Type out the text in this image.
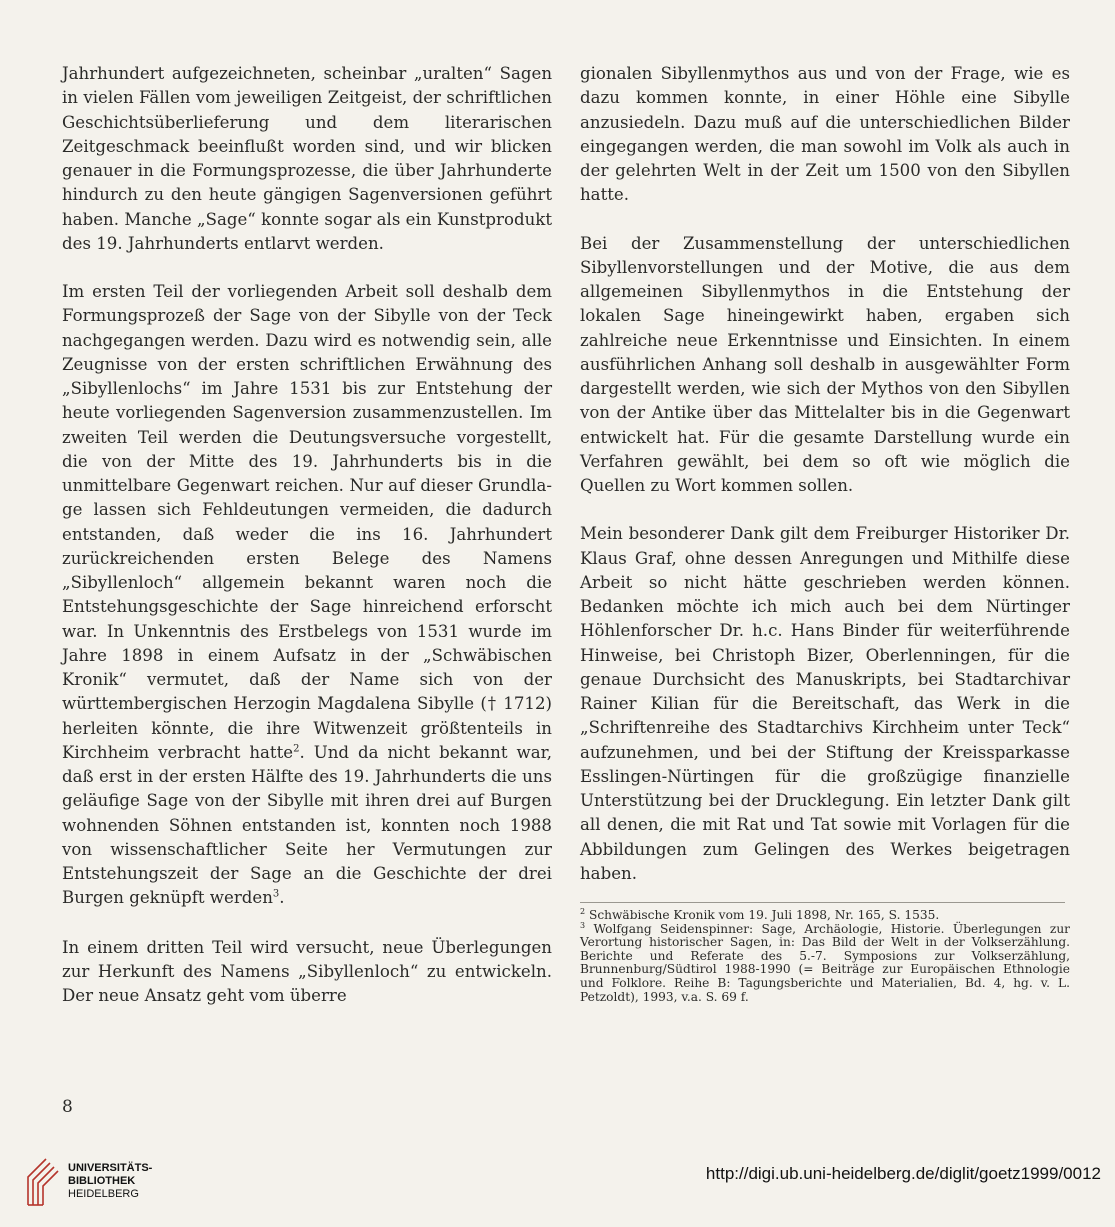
Jahrhundert aufgezeichneten, scheinbar „uralten“ Sagen in vielen Fällen vom jeweiligen Zeitgeist, der schriftlichen Geschichtsüberlieferung und dem literarischen Zeitgeschmack beeinflußt worden sind, und wir blicken genauer in die Formungsprozesse, die über Jahrhunderte hindurch zu den heute gängigen Sagenversionen geführt haben. Manche „Sage“ konnte sogar als ein Kunstprodukt des 19. Jahrhunderts entlarvt werden.

Im ersten Teil der vorliegenden Arbeit soll deshalb dem Formungsprozeß der Sage von der Sibylle von der Teck nachgegangen werden. Dazu wird es notwendig sein, alle Zeugnisse von der ersten schriftlichen Erwähnung des „Sibyllenlochs“ im Jahre 1531 bis zur Entstehung der heute vorliegenden Sagenversion zusammenzustellen. Im zweiten Teil werden die Deutungsversuche vorgestellt, die von der Mitte des 19. Jahrhunderts bis in die unmittelbare Gegenwart reichen. Nur auf dieser Grundlage lassen sich Fehldeutungen vermeiden, die dadurch entstanden, daß weder die ins 16. Jahrhundert zurückreichenden ersten Belege des Namens „Sibyllenloch“ allgemein bekannt waren noch die Entstehungsgeschichte der Sage hinreichend erforscht war. In Unkenntnis des Erstbelegs von 1531 wurde im Jahre 1898 in einem Aufsatz in der „Schwäbischen Kronik“ vermutet, daß der Name sich von der württembergischen Herzogin Magdalena Sibylle († 1712) herleiten könnte, die ihre Witwenzeit größtenteils in Kirchheim verbracht hatte$^2$. Und da nicht bekannt war, daß erst in der ersten Hälfte des 19. Jahrhunderts die uns geläufige Sage von der Sibylle mit ihren drei auf Burgen wohnenden Söhnen entstanden ist, konnten noch 1988 von wissenschaftlicher Seite her Vermutungen zur Entstehungszeit der Sage an die Geschichte der drei Burgen geknüpft werden$^3$.

In einem dritten Teil wird versucht, neue Überlegungen zur Herkunft des Namens „Sibyllenloch“ zu entwickeln. Der neue Ansatz geht vom überre

gionalen Sibyllenmythos aus und von der Frage, wie es dazu kommen konnte, in einer Höhle eine Sibylle anzusiedeln. Dazu muß auf die unterschiedlichen Bilder eingegangen werden, die man sowohl im Volk als auch in der gelehrten Welt in der Zeit um 1500 von den Sibyllen hatte.

Bei der Zusammenstellung der unterschiedlichen Sibyllenvorstellungen und der Motive, die aus dem allgemeinen Sibyllenmythos in die Entstehung der lokalen Sage hineingewirkt haben, ergaben sich zahlreiche neue Erkenntnisse und Einsichten. In einem ausführlichen Anhang soll deshalb in ausgewählter Form dargestellt werden, wie sich der Mythos von den Sibyllen von der Antike über das Mittelalter bis in die Gegenwart entwickelt hat. Für die gesamte Darstellung wurde ein Verfahren gewählt, bei dem so oft wie möglich die Quellen zu Wort kommen sollen.

Mein besonderer Dank gilt dem Freiburger Historiker Dr. Klaus Graf, ohne dessen Anregungen und Mithilfe diese Arbeit so nicht hätte geschrieben werden können. Bedanken möchte ich mich auch bei dem Nürtinger Höhlenforscher Dr. h.c. Hans Binder für weiterführende Hinweise, bei Christoph Bizer, Oberlenningen, für die genaue Durchsicht des Manuskripts, bei Stadtarchivar Rainer Kilian für die Bereitschaft, das Werk in die „Schriftenreihe des Stadtarchivs Kirchheim unter Teck“ aufzunehmen, und bei der Stiftung der Kreissparkasse Esslingen-Nürtingen für die großzügige finanzielle Unterstützung bei der Drucklegung. Ein letzter Dank gilt all denen, die mit Rat und Tat sowie mit Vorlagen für die Abbildungen zum Gelingen des Werkes beigetragen haben.

$^2$ Schwäbische Kronik vom 19. Juli 1898, Nr. 165, S. 1535.

$^3$ Wolfgang Seidenspinner: Sage, Archäologie, Historie. Überlegungen zur Verortung historischer Sagen, in: Das Bild der Welt in der Volkserzählung. Berichte und Referate des 5.-7. Symposions zur Volkserzählung, Brunnenburg/Südtirol 1988-1990 (= Beiträge zur Europäischen Ethnologie und Folklore. Reihe B: Tagungsberichte und Materialien, Bd. 4, hg. v. L. Petzoldt), 1993, v.a. S. 69 f.

8
UNIVERSITÄTS-
BIBLIOTHEK
HEIDELBERG
http://digi.ub.uni-heidelberg.de/diglit/goetz1999/0012
